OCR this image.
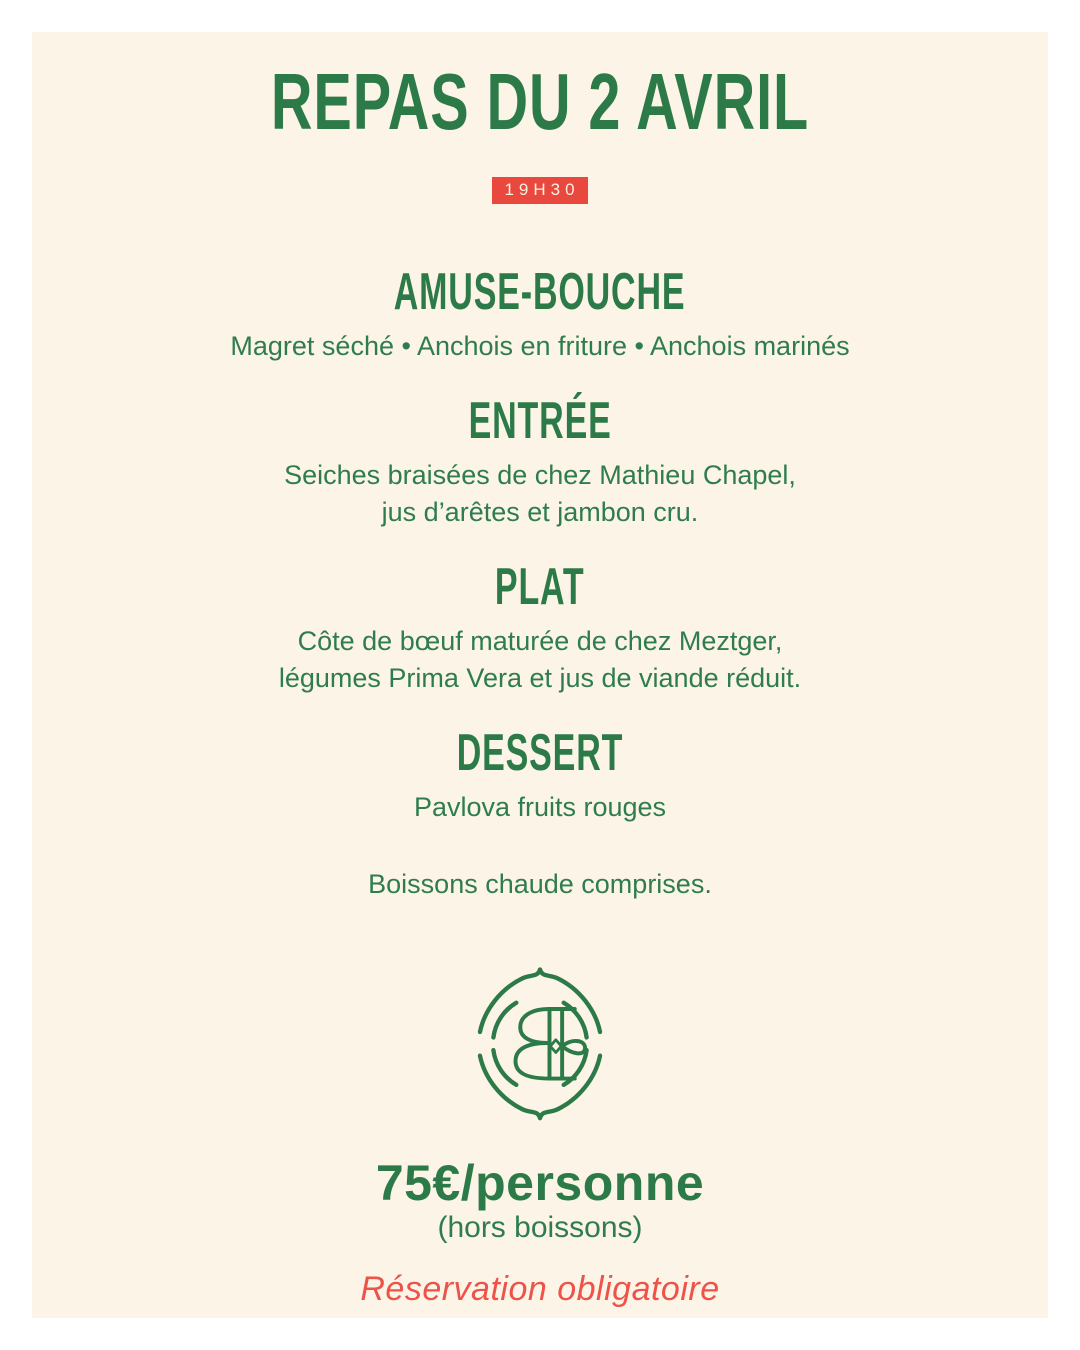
REPAS DU 2 AVRIL
19H30
AMUSE-BOUCHE
Magret séché • Anchois en friture • Anchois marinés
ENTRÉE
Seiches braisées de chez Mathieu Chapel,
jus d’arêtes et jambon cru.
PLAT
Côte de bœuf maturée de chez Meztger,
légumes Prima Vera et jus de viande réduit.
DESSERT
Pavlova fruits rouges

Boissons chaude comprises.

75€/personne
(hors boissons)
Réservation obligatoire
